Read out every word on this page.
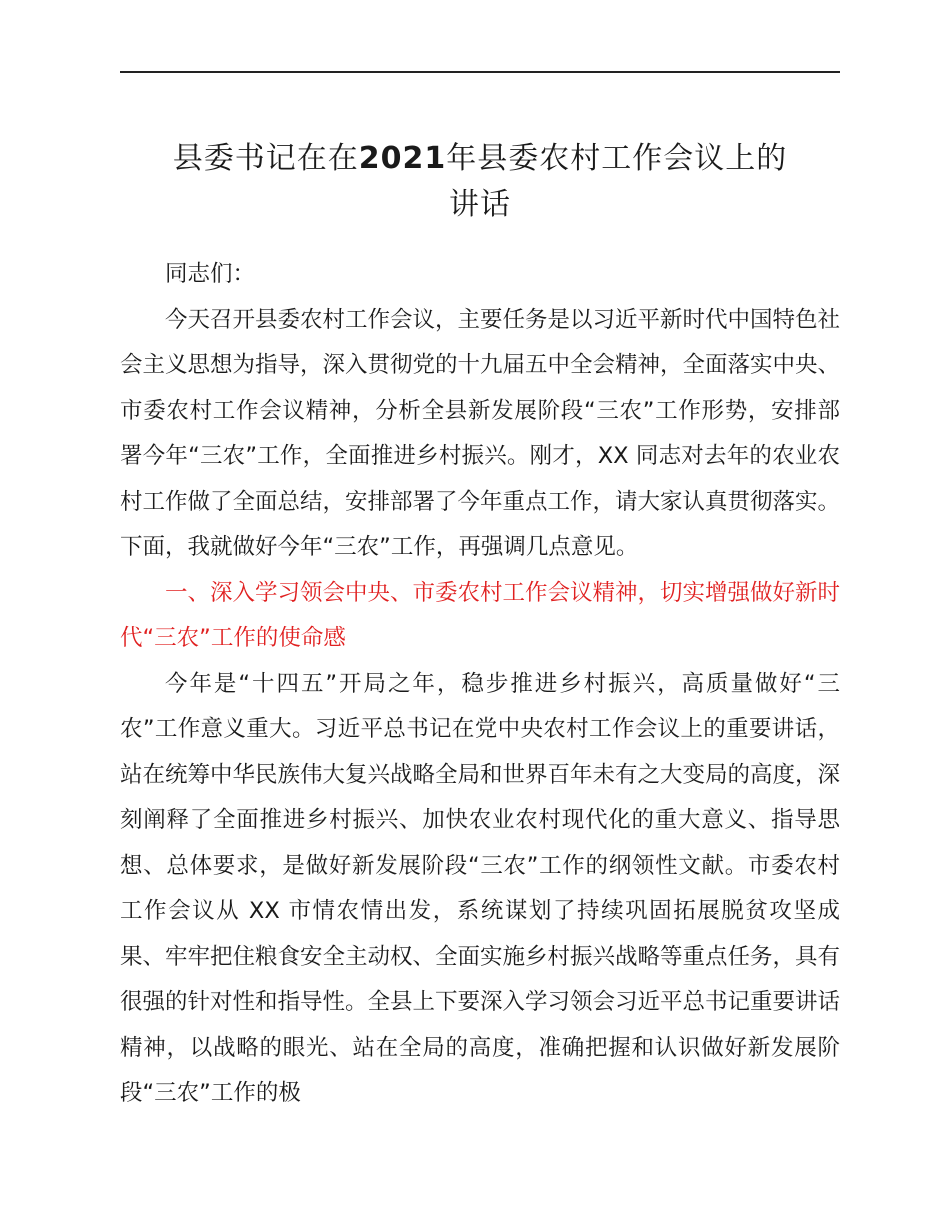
县委书记在在2021年县委农村工作会议上的
讲话

同志们：

今天召开县委农村工作会议，主要任务是以习近平新时代中国特色社会主义思想为指导，深入贯彻党的十九届五中全会精神，全面落实中央、市委农村工作会议精神，分析全县新发展阶段“三农”工作形势，安排部署今年“三农”工作，全面推进乡村振兴。刚才，XX 同志对去年的农业农村工作做了全面总结，安排部署了今年重点工作，请大家认真贯彻落实。下面，我就做好今年“三农”工作，再强调几点意见。

一、深入学习领会中央、市委农村工作会议精神，切实增强做好新时代“三农”工作的使命感

今年是“十四五”开局之年，稳步推进乡村振兴，高质量做好“三农”工作意义重大。习近平总书记在党中央农村工作会议上的重要讲话，站在统筹中华民族伟大复兴战略全局和世界百年未有之大变局的高度，深刻阐释了全面推进乡村振兴、加快农业农村现代化的重大意义、指导思想、总体要求，是做好新发展阶段“三农”工作的纲领性文献。市委农村工作会议从 XX 市情农情出发，系统谋划了持续巩固拓展脱贫攻坚成果、牢牢把住粮食安全主动权、全面实施乡村振兴战略等重点任务，具有很强的针对性和指导性。全县上下要深入学习领会习近平总书记重要讲话精神，以战略的眼光、站在全局的高度，准确把握和认识做好新发展阶段“三农”工作的极
